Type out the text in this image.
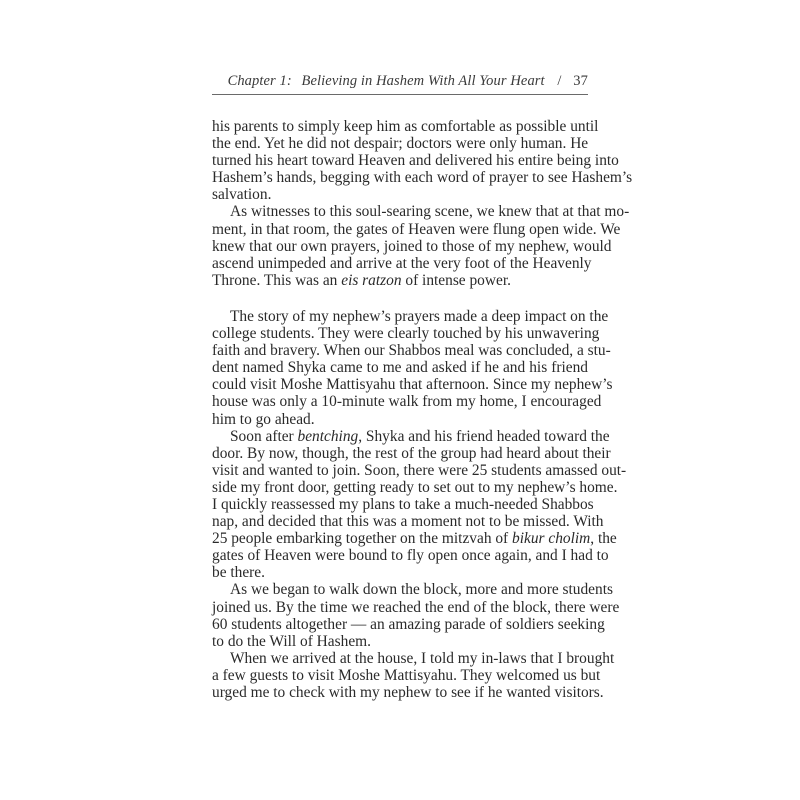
Chapter 1: Believing in Hashem With All Your Heart / 37

his parents to simply keep him as comfortable as possible until
the end. Yet he did not despair; doctors were only human. He
turned his heart toward Heaven and delivered his entire being into
Hashem’s hands, begging with each word of prayer to see Hashem’s
salvation.

As witnesses to this soul-searing scene, we knew that at that mo-
ment, in that room, the gates of Heaven were flung open wide. We
knew that our own prayers, joined to those of my nephew, would
ascend unimpeded and arrive at the very foot of the Heavenly
Throne. This was an eis ratzon of intense power.

The story of my nephew’s prayers made a deep impact on the
college students. They were clearly touched by his unwavering
faith and bravery. When our Shabbos meal was concluded, a stu-
dent named Shyka came to me and asked if he and his friend
could visit Moshe Mattisyahu that afternoon. Since my nephew’s
house was only a 10-minute walk from my home, I encouraged
him to go ahead.

Soon after bentching, Shyka and his friend headed toward the
door. By now, though, the rest of the group had heard about their
visit and wanted to join. Soon, there were 25 students amassed out-
side my front door, getting ready to set out to my nephew’s home.
I quickly reassessed my plans to take a much-needed Shabbos
nap, and decided that this was a moment not to be missed. With
25 people embarking together on the mitzvah of bikur cholim, the
gates of Heaven were bound to fly open once again, and I had to
be there.

As we began to walk down the block, more and more students
joined us. By the time we reached the end of the block, there were
60 students altogether — an amazing parade of soldiers seeking
to do the Will of Hashem.

When we arrived at the house, I told my in-laws that I brought
a few guests to visit Moshe Mattisyahu. They welcomed us but
urged me to check with my nephew to see if he wanted visitors.
